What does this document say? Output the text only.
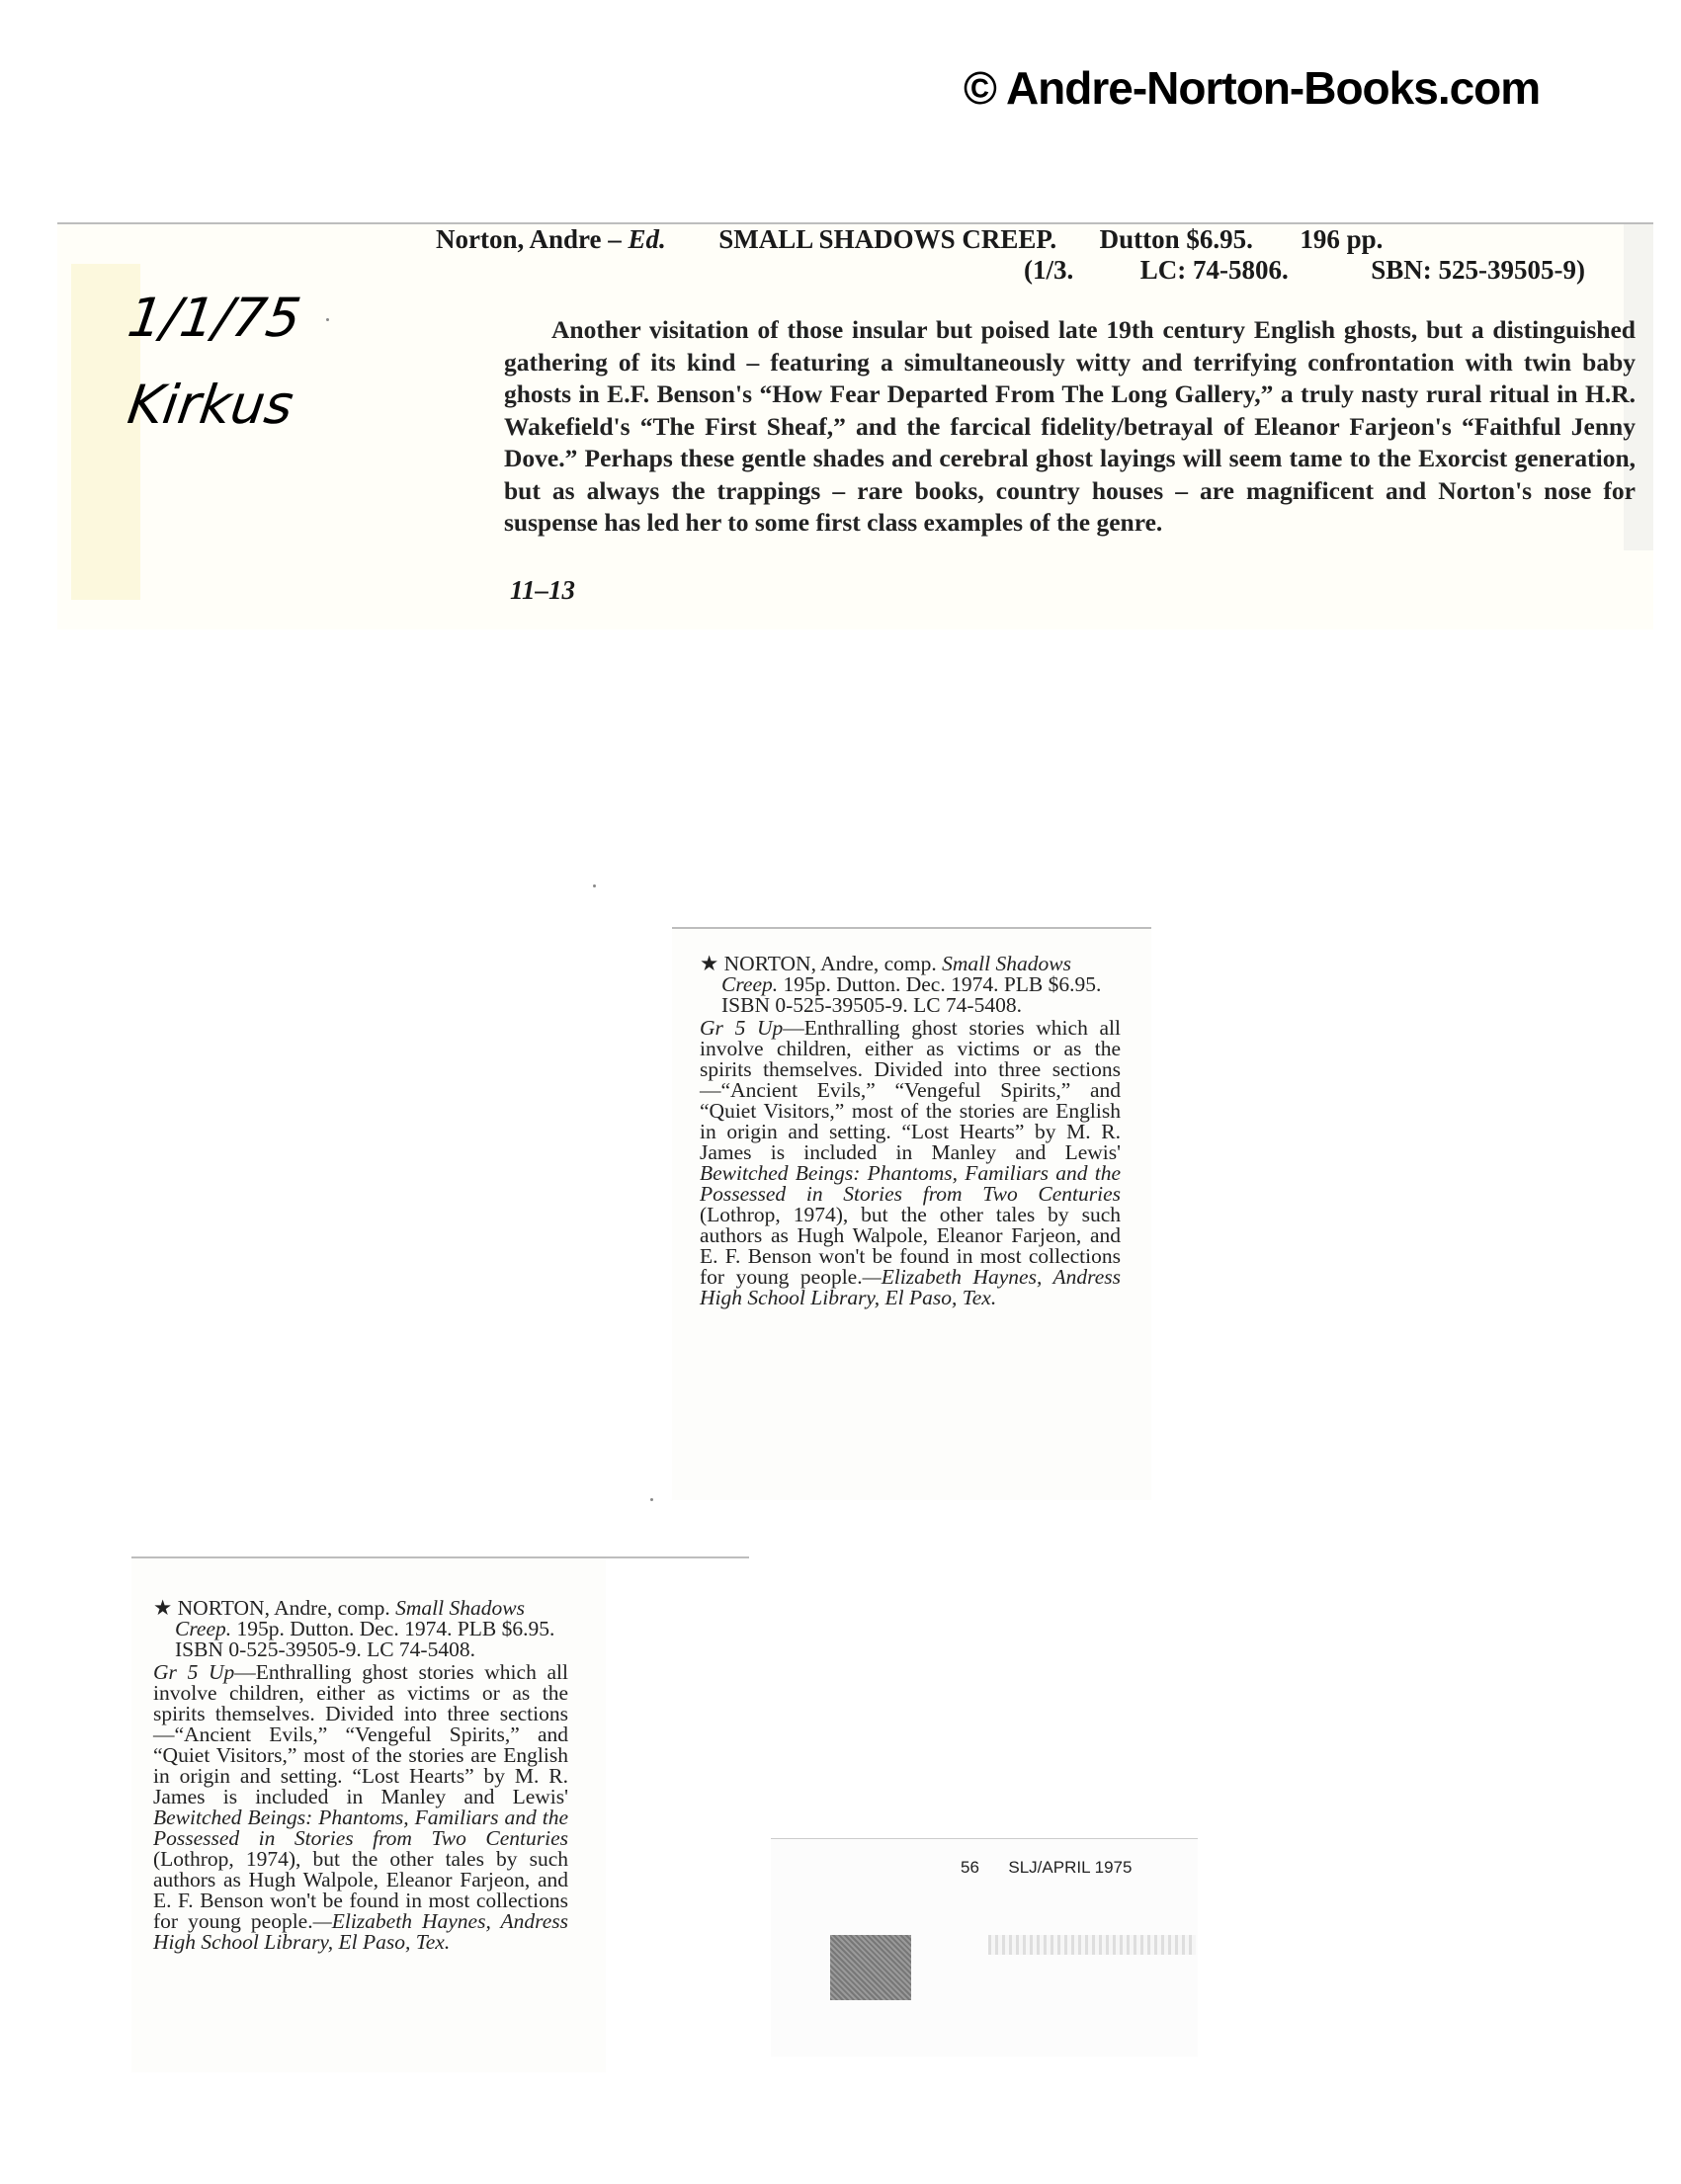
© Andre-Norton-Books.com
1/1/75
Kirkus
Norton, Andre – Ed. SMALL SHADOWS CREEP. Dutton $6.95. 196 pp.
(1/3.	LC: 74-5806.	SBN: 525-39505-9)
Another visitation of those insular but poised late 19th century English ghosts, but a distinguished gathering of its kind – featuring a simultaneously witty and terrifying confrontation with twin baby ghosts in E.F. Benson's “How Fear Departed From The Long Gallery,” a truly nasty rural ritual in H.R. Wakefield's “The First Sheaf,” and the farcical fidelity/betrayal of Eleanor Farjeon's “Faithful Jenny Dove.” Perhaps these gentle shades and cerebral ghost layings will seem tame to the Exorcist generation, but as always the trappings – rare books, country houses – are magnificent and Norton's nose for suspense has led her to some first class examples of the genre.
11–13
★ NORTON, Andre, comp. Small Shadows Creep. 195p. Dutton. Dec. 1974. PLB $6.95. ISBN 0-525-39505-9. LC 74-5408.
Gr 5 Up—Enthralling ghost stories which all involve children, either as victims or as the spirits themselves. Divided into three sections—“Ancient Evils,” “Vengeful Spirits,” and “Quiet Visitors,” most of the stories are English in origin and setting. “Lost Hearts” by M. R. James is included in Manley and Lewis' Bewitched Beings: Phantoms, Familiars and the Possessed in Stories from Two Centuries (Lothrop, 1974), but the other tales by such authors as Hugh Walpole, Eleanor Farjeon, and E. F. Benson won't be found in most collections for young people.—Elizabeth Haynes, Andress High School Library, El Paso, Tex.
★ NORTON, Andre, comp. Small Shadows Creep. 195p. Dutton. Dec. 1974. PLB $6.95. ISBN 0-525-39505-9. LC 74-5408.
Gr 5 Up—Enthralling ghost stories which all involve children, either as victims or as the spirits themselves. Divided into three sections—“Ancient Evils,” “Vengeful Spirits,” and “Quiet Visitors,” most of the stories are English in origin and setting. “Lost Hearts” by M. R. James is included in Manley and Lewis' Bewitched Beings: Phantoms, Familiars and the Possessed in Stories from Two Centuries (Lothrop, 1974), but the other tales by such authors as Hugh Walpole, Eleanor Farjeon, and E. F. Benson won't be found in most collections for young people.—Elizabeth Haynes, Andress High School Library, El Paso, Tex.
56 SLJ/APRIL 1975
